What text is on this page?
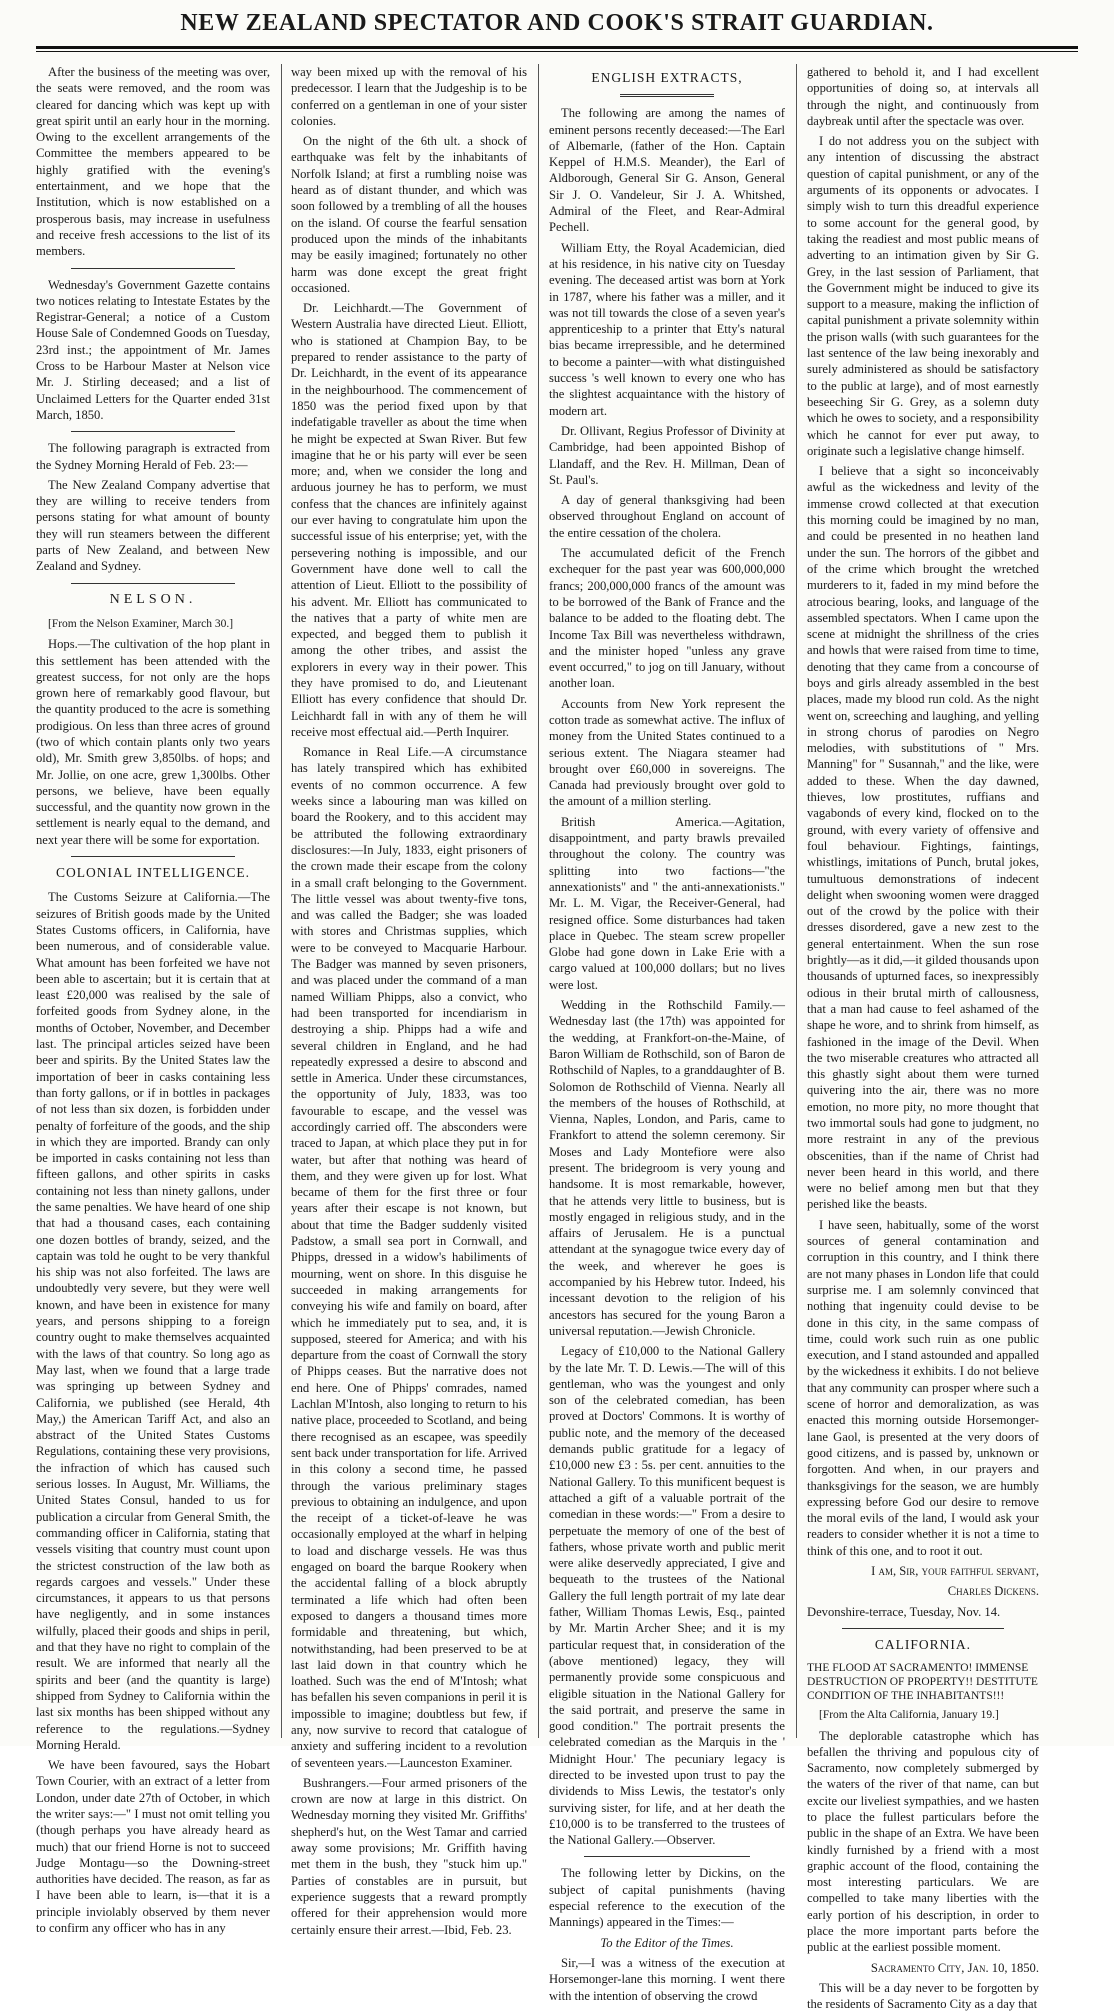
NEW ZEALAND SPECTATOR AND COOK'S STRAIT GUARDIAN.

After the business of the meeting was over, the seats were removed, and the room was cleared for dancing which was kept up with great spirit until an early hour in the morning. Owing to the excellent arrangements of the Committee the members appeared to be highly gratified with the evening's entertainment, and we hope that the Institution, which is now established on a prosperous basis, may increase in usefulness and receive fresh accessions to the list of its members.

Wednesday's Government Gazette contains two notices relating to Intestate Estates by the Registrar-General; a notice of a Custom House Sale of Condemned Goods on Tuesday, 23rd inst.; the appointment of Mr. James Cross to be Harbour Master at Nelson vice Mr. J. Stirling deceased; and a list of Unclaimed Letters for the Quarter ended 31st March, 1850.

The following paragraph is extracted from the Sydney Morning Herald of Feb. 23:—

The New Zealand Company advertise that they are willing to receive tenders from persons stating for what amount of bounty they will run steamers between the different parts of New Zealand, and between New Zealand and Sydney.

NELSON.

[From the Nelson Examiner, March 30.]

Hops.—The cultivation of the hop plant in this settlement has been attended with the greatest success, for not only are the hops grown here of remarkably good flavour, but the quantity produced to the acre is something prodigious. On less than three acres of ground (two of which contain plants only two years old), Mr. Smith grew 3,850lbs. of hops; and Mr. Jollie, on one acre, grew 1,300lbs. Other persons, we believe, have been equally successful, and the quantity now grown in the settlement is nearly equal to the demand, and next year there will be some for exportation.

COLONIAL INTELLIGENCE.

The Customs Seizure at California.—The seizures of British goods made by the United States Customs officers, in California, have been numerous, and of considerable value. What amount has been forfeited we have not been able to ascertain; but it is certain that at least £20,000 was realised by the sale of forfeited goods from Sydney alone, in the months of October, November, and December last. The principal articles seized have been beer and spirits. By the United States law the importation of beer in casks containing less than forty gallons, or if in bottles in packages of not less than six dozen, is forbidden under penalty of forfeiture of the goods, and the ship in which they are imported. Brandy can only be imported in casks containing not less than fifteen gallons, and other spirits in casks containing not less than ninety gallons, under the same penalties. We have heard of one ship that had a thousand cases, each containing one dozen bottles of brandy, seized, and the captain was told he ought to be very thankful his ship was not also forfeited. The laws are undoubtedly very severe, but they were well known, and have been in existence for many years, and persons shipping to a foreign country ought to make themselves acquainted with the laws of that country. So long ago as May last, when we found that a large trade was springing up between Sydney and California, we published (see Herald, 4th May,) the American Tariff Act, and also an abstract of the United States Customs Regulations, containing these very provisions, the infraction of which has caused such serious losses. In August, Mr. Williams, the United States Consul, handed to us for publication a circular from General Smith, the commanding officer in California, stating that vessels visiting that country must count upon the strictest construction of the law both as regards cargoes and vessels." Under these circumstances, it appears to us that persons have negligently, and in some instances wilfully, placed their goods and ships in peril, and that they have no right to complain of the result. We are informed that nearly all the spirits and beer (and the quantity is large) shipped from Sydney to California within the last six months has been shipped without any reference to the regulations.—Sydney Morning Herald.

We have been favoured, says the Hobart Town Courier, with an extract of a letter from London, under date 27th of October, in which the writer says:—" I must not omit telling you (though perhaps you have already heard as much) that our friend Horne is not to succeed Judge Montagu—so the Downing-street authorities have decided. The reason, as far as I have been able to learn, is—that it is a principle inviolably observed by them never to confirm any officer who has in any

way been mixed up with the removal of his predecessor. I learn that the Judgeship is to be conferred on a gentleman in one of your sister colonies.

On the night of the 6th ult. a shock of earthquake was felt by the inhabitants of Norfolk Island; at first a rumbling noise was heard as of distant thunder, and which was soon followed by a trembling of all the houses on the island. Of course the fearful sensation produced upon the minds of the inhabitants may be easily imagined; fortunately no other harm was done except the great fright occasioned.

Dr. Leichhardt.—The Government of Western Australia have directed Lieut. Elliott, who is stationed at Champion Bay, to be prepared to render assistance to the party of Dr. Leichhardt, in the event of its appearance in the neighbourhood. The commencement of 1850 was the period fixed upon by that indefatigable traveller as about the time when he might be expected at Swan River. But few imagine that he or his party will ever be seen more; and, when we consider the long and arduous journey he has to perform, we must confess that the chances are infinitely against our ever having to congratulate him upon the successful issue of his enterprise; yet, with the persevering nothing is impossible, and our Government have done well to call the attention of Lieut. Elliott to the possibility of his advent. Mr. Elliott has communicated to the natives that a party of white men are expected, and begged them to publish it among the other tribes, and assist the explorers in every way in their power. This they have promised to do, and Lieutenant Elliott has every confidence that should Dr. Leichhardt fall in with any of them he will receive most effectual aid.—Perth Inquirer.

Romance in Real Life.—A circumstance has lately transpired which has exhibited events of no common occurrence. A few weeks since a labouring man was killed on board the Rookery, and to this accident may be attributed the following extraordinary disclosures:—In July, 1833, eight prisoners of the crown made their escape from the colony in a small craft belonging to the Government. The little vessel was about twenty-five tons, and was called the Badger; she was loaded with stores and Christmas supplies, which were to be conveyed to Macquarie Harbour. The Badger was manned by seven prisoners, and was placed under the command of a man named William Phipps, also a convict, who had been transported for incendiarism in destroying a ship. Phipps had a wife and several children in England, and he had repeatedly expressed a desire to abscond and settle in America. Under these circumstances, the opportunity of July, 1833, was too favourable to escape, and the vessel was accordingly carried off. The absconders were traced to Japan, at which place they put in for water, but after that nothing was heard of them, and they were given up for lost. What became of them for the first three or four years after their escape is not known, but about that time the Badger suddenly visited Padstow, a small sea port in Cornwall, and Phipps, dressed in a widow's habiliments of mourning, went on shore. In this disguise he succeeded in making arrangements for conveying his wife and family on board, after which he immediately put to sea, and, it is supposed, steered for America; and with his departure from the coast of Cornwall the story of Phipps ceases. But the narrative does not end here. One of Phipps' comrades, named Lachlan M'Intosh, also longing to return to his native place, proceeded to Scotland, and being there recognised as an escapee, was speedily sent back under transportation for life. Arrived in this colony a second time, he passed through the various preliminary stages previous to obtaining an indulgence, and upon the receipt of a ticket-of-leave he was occasionally employed at the wharf in helping to load and discharge vessels. He was thus engaged on board the barque Rookery when the accidental falling of a block abruptly terminated a life which had often been exposed to dangers a thousand times more formidable and threatening, but which, notwithstanding, had been preserved to be at last laid down in that country which he loathed. Such was the end of M'Intosh; what has befallen his seven companions in peril it is impossible to imagine; doubtless but few, if any, now survive to record that catalogue of anxiety and suffering incident to a revolution of seventeen years.—Launceston Examiner.

Bushrangers.—Four armed prisoners of the crown are now at large in this district. On Wednesday morning they visited Mr. Griffiths' shepherd's hut, on the West Tamar and carried away some provisions; Mr. Griffith having met them in the bush, they "stuck him up." Parties of constables are in pursuit, but experience suggests that a reward promptly offered for their apprehension would more certainly ensure their arrest.—Ibid, Feb. 23.

ENGLISH EXTRACTS,

The following are among the names of eminent persons recently deceased:—The Earl of Albemarle, (father of the Hon. Captain Keppel of H.M.S. Meander), the Earl of Aldborough, General Sir G. Anson, General Sir J. O. Vandeleur, Sir J. A. Whitshed, Admiral of the Fleet, and Rear-Admiral Pechell.

William Etty, the Royal Academician, died at his residence, in his native city on Tuesday evening. The deceased artist was born at York in 1787, where his father was a miller, and it was not till towards the close of a seven year's apprenticeship to a printer that Etty's natural bias became irrepressible, and he determined to become a painter—with what distinguished success 's well known to every one who has the slightest acquaintance with the history of modern art.

Dr. Ollivant, Regius Professor of Divinity at Cambridge, had been appointed Bishop of Llandaff, and the Rev. H. Millman, Dean of St. Paul's.

A day of general thanksgiving had been observed throughout England on account of the entire cessation of the cholera.

The accumulated deficit of the French exchequer for the past year was 600,000,000 francs; 200,000,000 francs of the amount was to be borrowed of the Bank of France and the balance to be added to the floating debt. The Income Tax Bill was nevertheless withdrawn, and the minister hoped "unless any grave event occurred," to jog on till January, without another loan.

Accounts from New York represent the cotton trade as somewhat active. The influx of money from the United States continued to a serious extent. The Niagara steamer had brought over £60,000 in sovereigns. The Canada had previously brought over gold to the amount of a million sterling.

British America.—Agitation, disappointment, and party brawls prevailed throughout the colony. The country was splitting into two factions—"the annexationists" and " the anti-annexationists." Mr. L. M. Vigar, the Receiver-General, had resigned office. Some disturbances had taken place in Quebec. The steam screw propeller Globe had gone down in Lake Erie with a cargo valued at 100,000 dollars; but no lives were lost.

Wedding in the Rothschild Family.—Wednesday last (the 17th) was appointed for the wedding, at Frankfort-on-the-Maine, of Baron William de Rothschild, son of Baron de Rothschild of Naples, to a granddaughter of B. Solomon de Rothschild of Vienna. Nearly all the members of the houses of Rothschild, at Vienna, Naples, London, and Paris, came to Frankfort to attend the solemn ceremony. Sir Moses and Lady Montefiore were also present. The bridegroom is very young and handsome. It is most remarkable, however, that he attends very little to business, but is mostly engaged in religious study, and in the affairs of Jerusalem. He is a punctual attendant at the synagogue twice every day of the week, and wherever he goes is accompanied by his Hebrew tutor. Indeed, his incessant devotion to the religion of his ancestors has secured for the young Baron a universal reputation.—Jewish Chronicle.

Legacy of £10,000 to the National Gallery by the late Mr. T. D. Lewis.—The will of this gentleman, who was the youngest and only son of the celebrated comedian, has been proved at Doctors' Commons. It is worthy of public note, and the memory of the deceased demands public gratitude for a legacy of £10,000 new £3 : 5s. per cent. annuities to the National Gallery. To this munificent bequest is attached a gift of a valuable portrait of the comedian in these words:—" From a desire to perpetuate the memory of one of the best of fathers, whose private worth and public merit were alike deservedly appreciated, I give and bequeath to the trustees of the National Gallery the full length portrait of my late dear father, William Thomas Lewis, Esq., painted by Mr. Martin Archer Shee; and it is my particular request that, in consideration of the (above mentioned) legacy, they will permanently provide some conspicuous and eligible situation in the National Gallery for the said portrait, and preserve the same in good condition." The portrait presents the celebrated comedian as the Marquis in the ' Midnight Hour.' The pecuniary legacy is directed to be invested upon trust to pay the dividends to Miss Lewis, the testator's only surviving sister, for life, and at her death the £10,000 is to be transferred to the trustees of the National Gallery.—Observer.

The following letter by Dickins, on the subject of capital punishments (having especial reference to the execution of the Mannings) appeared in the Times:—

To the Editor of the Times.

Sir,—I was a witness of the execution at Horsemonger-lane this morning. I went there with the intention of observing the crowd

gathered to behold it, and I had excellent opportunities of doing so, at intervals all through the night, and continuously from daybreak until after the spectacle was over.

I do not address you on the subject with any intention of discussing the abstract question of capital punishment, or any of the arguments of its opponents or advocates. I simply wish to turn this dreadful experience to some account for the general good, by taking the readiest and most public means of adverting to an intimation given by Sir G. Grey, in the last session of Parliament, that the Government might be induced to give its support to a measure, making the infliction of capital punishment a private solemnity within the prison walls (with such guarantees for the last sentence of the law being inexorably and surely administered as should be satisfactory to the public at large), and of most earnestly beseeching Sir G. Grey, as a solemn duty which he owes to society, and a responsibility which he cannot for ever put away, to originate such a legislative change himself.

I believe that a sight so inconceivably awful as the wickedness and levity of the immense crowd collected at that execution this morning could be imagined by no man, and could be presented in no heathen land under the sun. The horrors of the gibbet and of the crime which brought the wretched murderers to it, faded in my mind before the atrocious bearing, looks, and language of the assembled spectators. When I came upon the scene at midnight the shrillness of the cries and howls that were raised from time to time, denoting that they came from a concourse of boys and girls already assembled in the best places, made my blood run cold. As the night went on, screeching and laughing, and yelling in strong chorus of parodies on Negro melodies, with substitutions of " Mrs. Manning" for " Susannah," and the like, were added to these. When the day dawned, thieves, low prostitutes, ruffians and vagabonds of every kind, flocked on to the ground, with every variety of offensive and foul behaviour. Fightings, faintings, whistlings, imitations of Punch, brutal jokes, tumultuous demonstrations of indecent delight when swooning women were dragged out of the crowd by the police with their dresses disordered, gave a new zest to the general entertainment. When the sun rose brightly—as it did,—it gilded thousands upon thousands of upturned faces, so inexpressibly odious in their brutal mirth of callousness, that a man had cause to feel ashamed of the shape he wore, and to shrink from himself, as fashioned in the image of the Devil. When the two miserable creatures who attracted all this ghastly sight about them were turned quivering into the air, there was no more emotion, no more pity, no more thought that two immortal souls had gone to judgment, no more restraint in any of the previous obscenities, than if the name of Christ had never been heard in this world, and there were no belief among men but that they perished like the beasts.

I have seen, habitually, some of the worst sources of general contamination and corruption in this country, and I think there are not many phases in London life that could surprise me. I am solemnly convinced that nothing that ingenuity could devise to be done in this city, in the same compass of time, could work such ruin as one public execution, and I stand astounded and appalled by the wickedness it exhibits. I do not believe that any community can prosper where such a scene of horror and demoralization, as was enacted this morning outside Horsemonger-lane Gaol, is presented at the very doors of good citizens, and is passed by, unknown or forgotten. And when, in our prayers and thanksgivings for the season, we are humbly expressing before God our desire to remove the moral evils of the land, I would ask your readers to consider whether it is not a time to think of this one, and to root it out.

I am, Sir, your faithful servant,

Charles Dickens.

Devonshire-terrace, Tuesday, Nov. 14.

CALIFORNIA.

THE FLOOD AT SACRAMENTO! IMMENSE DESTRUCTION OF PROPERTY!! DESTITUTE CONDITION OF THE INHABITANTS!!!

[From the Alta California, January 19.]

The deplorable catastrophe which has befallen the thriving and populous city of Sacramento, now completely submerged by the waters of the river of that name, can but excite our liveliest sympathies, and we hasten to place the fullest particulars before the public in the shape of an Extra. We have been kindly furnished by a friend with a most graphic account of the flood, containing the most interesting particulars. We are compelled to take many liberties with the early portion of his description, in order to place the more important parts before the public at the earliest possible moment.

Sacramento City, Jan. 10, 1850.

This will be a day never to be forgotten by the residents of Sacramento City as a day that
